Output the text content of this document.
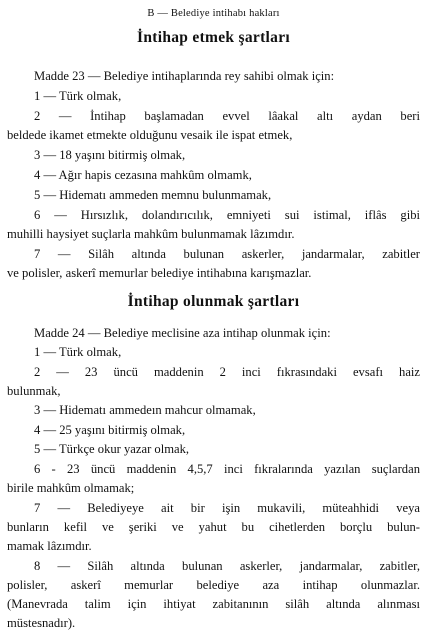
B — Belediye intihabı hakları
İntihap etmek şartları
Madde 23 — Belediye intihaplarında rey sahibi olmak için:
1 — Türk olmak,
2 — İntihap başlamadan evvel lâakal altı aydan beri
beldede ikamet etmekte olduğunu vesaik ile ispat etmek,
3 — 18 yaşını bitirmiş olmak,
4 — Ağır hapis cezasına mahkûm olmamk,
5 — Hidematı ammeden memnu bulunmamak,
6 — Hırsızlık, dolandırıcılık, emniyeti sui istimal, iflâs gibi
muhilli haysiyet suçlarla mahkûm bulunmamak lâzımdır.
7 — Silâh altında bulunan askerler, jandarmalar, zabitler
ve polisler, askerî memurlar belediye intihabına karışmazlar.
İntihap olunmak şartları
Madde 24 — Belediye meclisine aza intihap olunmak için:
1 — Türk olmak,
2 — 23 üncü maddenin 2 inci fıkrasındaki evsafı haiz
bulunmak,
3 — Hidematı ammedeın mahcur olmamak,
4 — 25 yaşını bitirmiş olmak,
5 — Türkçe okur yazar olmak,
6 - 23 üncü maddenin 4,5,7 inci fıkralarında yazılan suçlardan
birile mahkûm olmamak;
7 — Belediyeye ait bir işin mukavili, müteahhidi veya
bunların kefil ve şeriki ve yahut bu cihetlerden borçlu bulun-
mamak lâzımdır.
8 — Silâh altında bulunan askerler, jandarmalar, zabitler,
polisler, askerî memurlar belediye aza intihap olunmazlar.
(Manevrada talim için ihtiyat zabitanının silâh altında alınması
müstesnadır).
